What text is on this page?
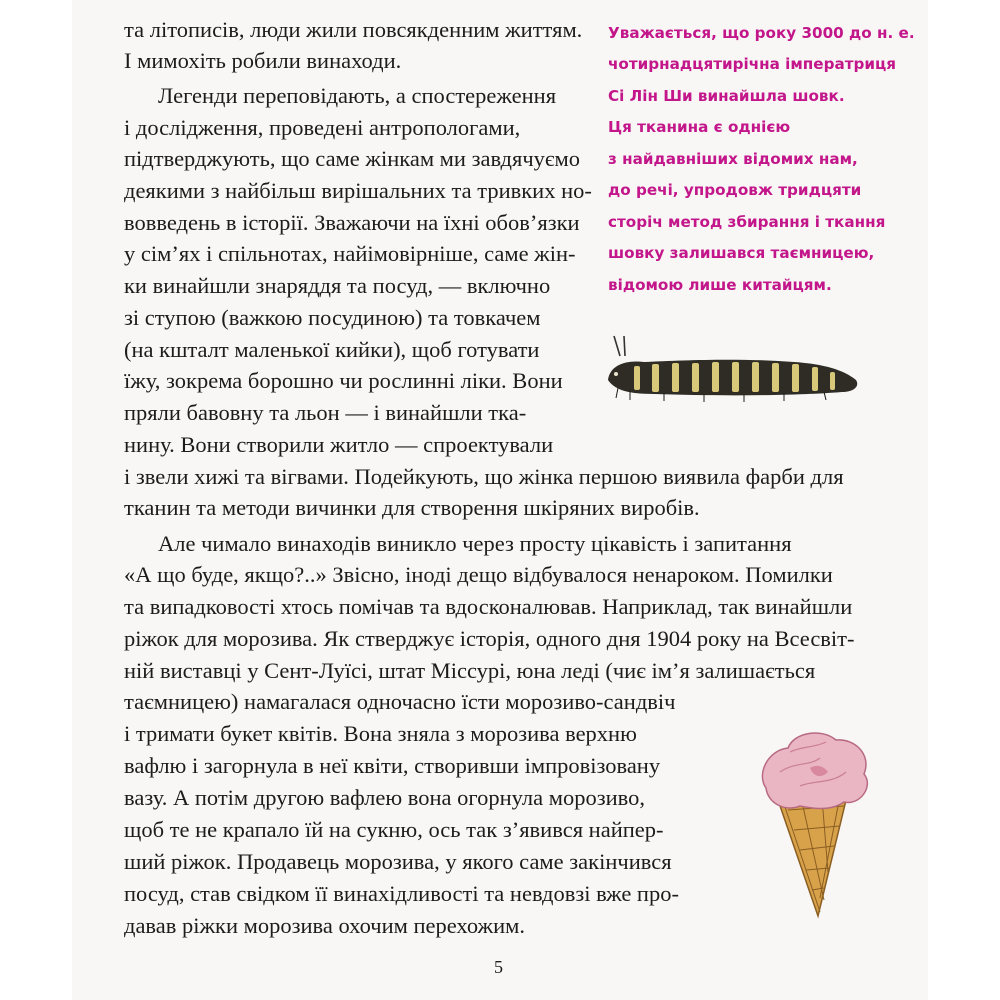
та літописів, люди жили повсякденним життям.
І мимохіть робили винаходи.
Легенди переповідають, а спостереження
і дослідження, проведені антропологами,
підтверджують, що саме жінкам ми завдячуємо
деякими з найбільш вирішальних та тривких но-
вовведень в історії. Зважаючи на їхні обов’язки
у сім’ях і спільнотах, найімовірніше, саме жін-
ки винайшли знаряддя та посуд, — включно
зі ступою (важкою посудиною) та товкачем
(на кшталт маленької кийки), щоб готувати
їжу, зокрема борошно чи рослинні ліки. Вони
пряли бавовну та льон — і винайшли тка-
нину. Вони створили житло — спроектували
і звели хижі та вігвами. Подейкують, що жінка першою виявила фарби для
тканин та методи вичинки для створення шкіряних виробів.
Але чимало винаходів виникло через просту цікавість і запитання
«А що буде, якщо?..» Звісно, іноді дещо відбувалося ненароком. Помилки
та випадковості хтось помічав та вдосконалював. Наприклад, так винайшли
ріжок для морозива. Як стверджує історія, одного дня 1904 року на Всесвіт-
ній виставці у Сент-Луїсі, штат Міссурі, юна леді (чиє ім’я залишається
таємницею) намагалася одночасно їсти морозиво-сандвіч
і тримати букет квітів. Вона зняла з морозива верхню
вафлю і загорнула в неї квіти, створивши імпровізовану
вазу. А потім другою вафлею вона огорнула морозиво,
щоб те не крапало їй на сукню, ось так з’явився найпер-
ший ріжок. Продавець морозива, у якого саме закінчився
посуд, став свідком її винахідливості та невдовзі вже про-
давав ріжки морозива охочим перехожим.
Уважається, що року 3000 до н. е.
чотирнадцятирічна імператриця
Сі Лін Ши винайшла шовк.
Ця тканина є однією
з найдавніших відомих нам,
до речі, упродовж тридцяти
сторіч метод збирання і ткання
шовку залишався таємницею,
відомою лише китайцям.
5
